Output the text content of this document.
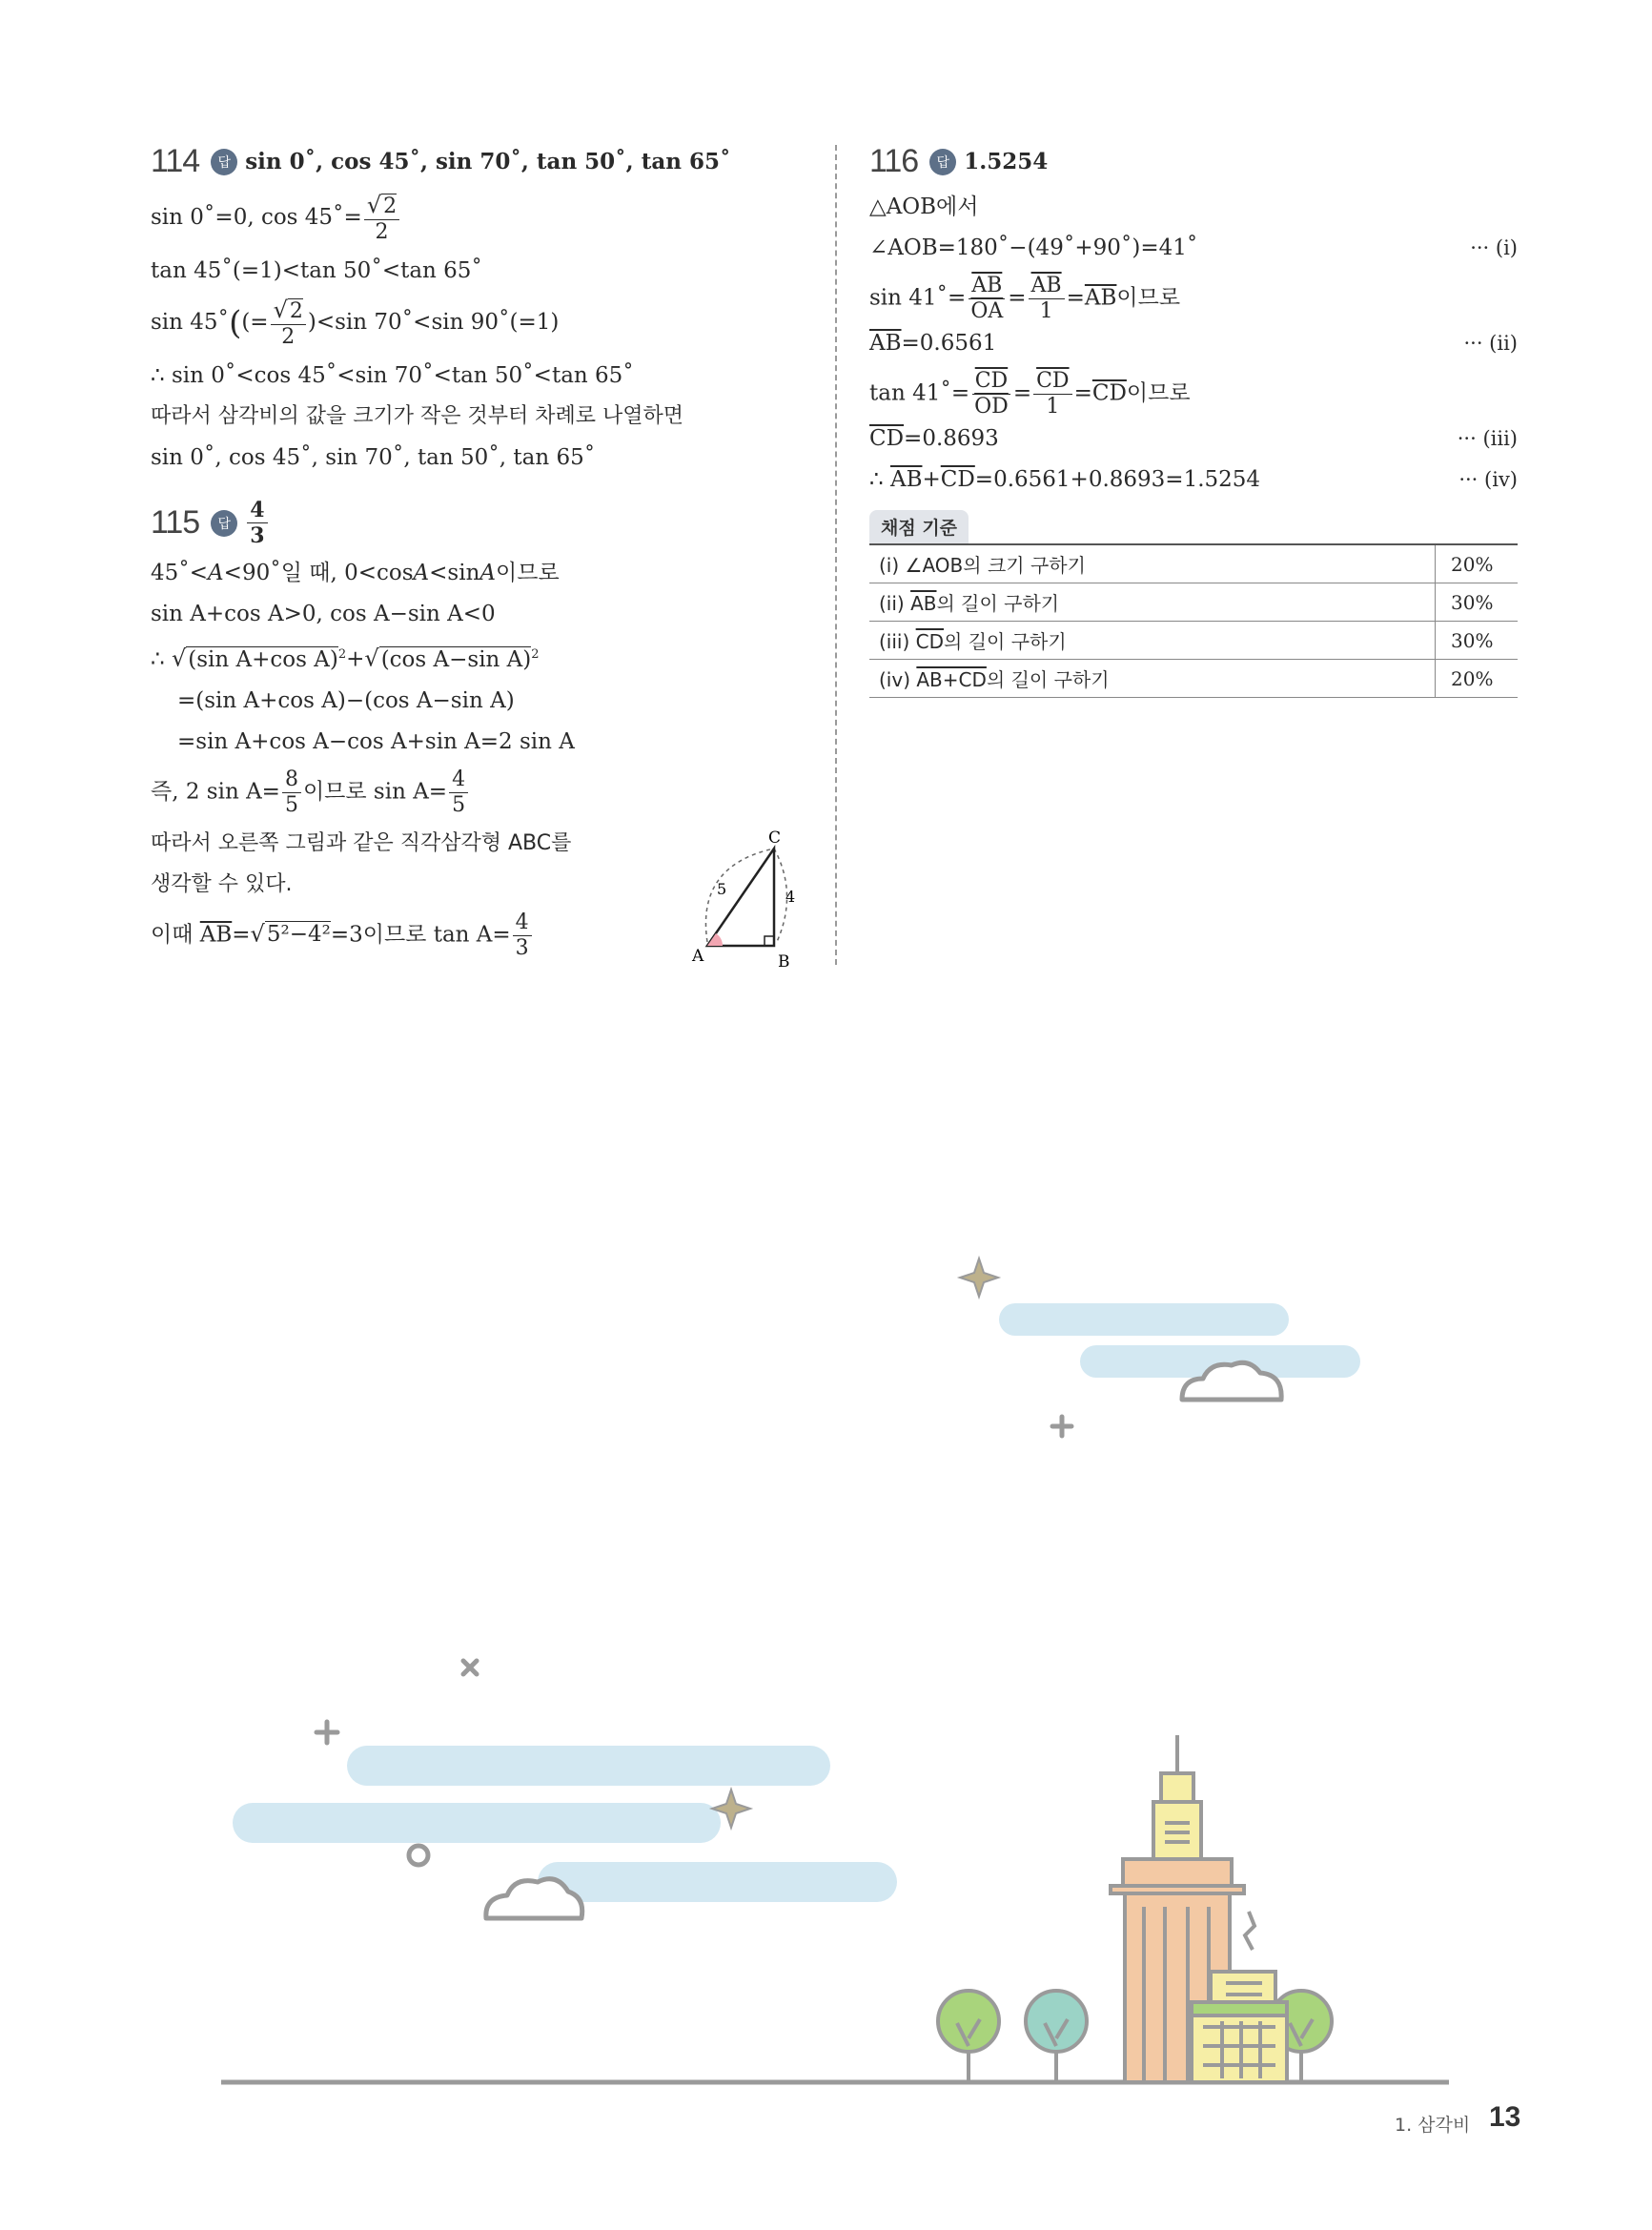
114	답 sin 0˚, cos 45˚, sin 70˚, tan 50˚, tan 65˚
sin 0˚=0, cos 45˚= $\frac{√2}{2}$
tan 45˚(=1)<tan 50˚<tan 65˚
sin 45˚((= $\frac{√2}{2} )<\sin$ 70˚<sin 90˚(=1)
∴ sin 0˚<cos 45˚<sin 70˚<tan 50˚<tan 65˚
따라서 삼각비의 값을 크기가 작은 것부터 차례로 나열하면
sin 0˚, cos 45˚, sin 70˚, tan 50˚, tan 65˚
115	답 $\frac{4}{3}$
45˚<A<90˚일 때, 0<cosA<sinA이므로
sin A+cos A>0, cos A−sin A<0
∴ √(sin A+cos A)$^2$+√(cos A−sin A)$^2$
=(sin A+cos A)−(cos A−sin A)
=sin A+cos A−cos A+sin A=2 sin A
즉, 2 $\sin A= \frac{8}{5}$ 이므로 $\sin A= \frac{4}{5}$
따라서 오른쪽 그림과 같은 직각삼각형 ABC를
생각할 수 있다.
이때 $\overline{AB}=√5^2-4^2=3$이므로 $\tan A= \frac{4}{3}$	A	B
C
5	4
116	답 1.5254
△AOB에서
∠AOB=180˚−(49˚+90˚)=41˚	··· (i)
sin 41˚= $\frac{\overline{AB}}{OA} = \frac{\overline{AB}}{1} =\overline{AB}$이므로
$\overline{AB}=0.6561$	··· (ii)
tan 41˚= $\frac{\overline{CD}}{OD} = \frac{\overline{CD}}{1} =\overline{CD}$이므로
$\overline{CD}=0.8693$	··· (iii)
∴ $\overline{AB}+\overline{CD}=0.6561+0.8693=1.5254$	··· (iv)
채점 기준
(i) ∠AOB의 크기 구하기	20%
(ii) $\overline{AB}$의 길이 구하기	30%
(iii) $\overline{CD}$의 길이 구하기	30%
(iv) AB+CD의 길이 구하기	20%
1. 삼각비 13
